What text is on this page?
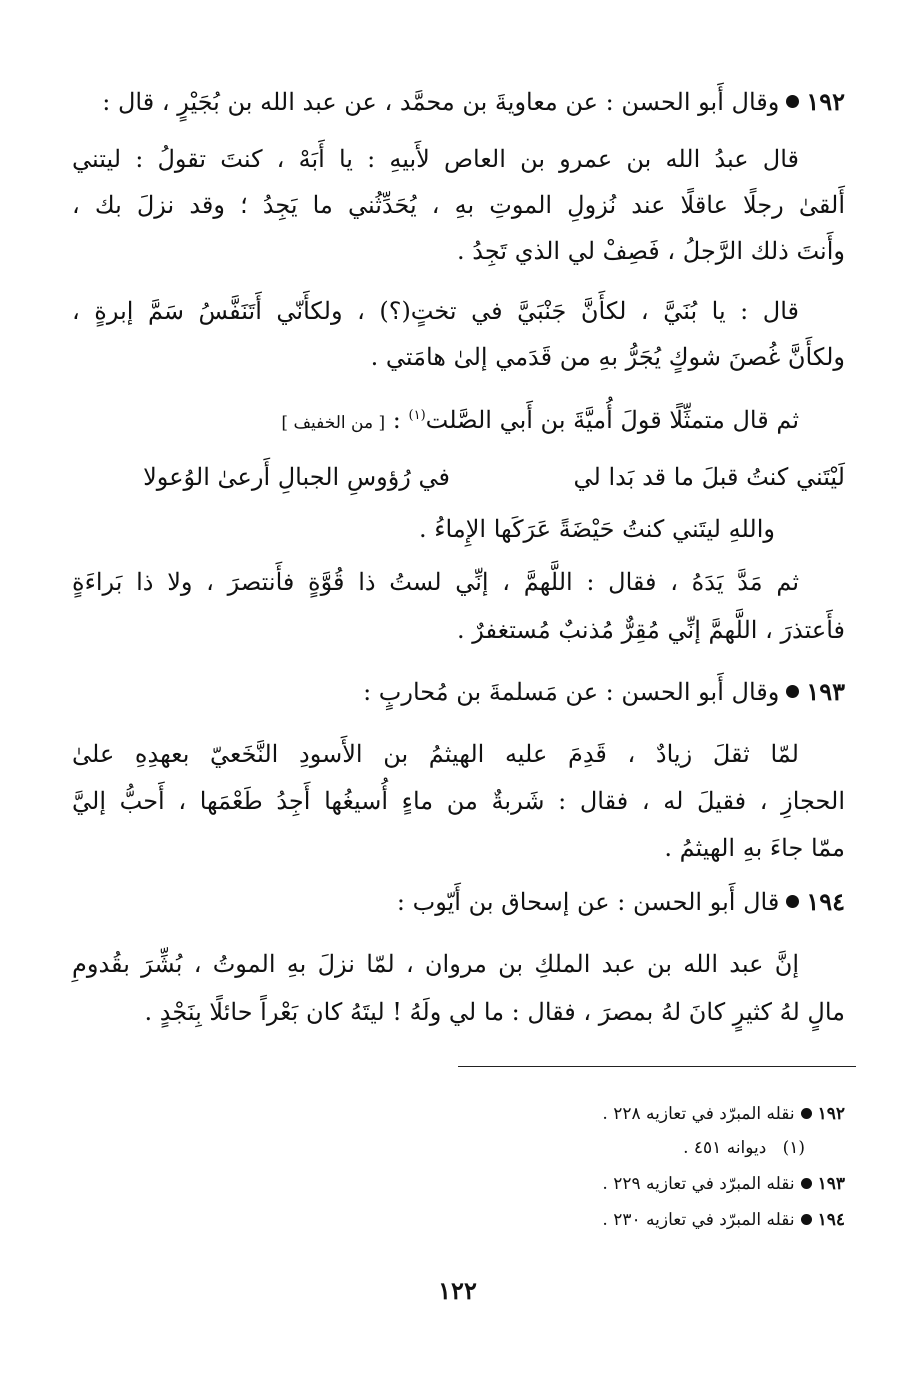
١٩٢وقال أَبو الحسن : عن معاويةَ بن محمَّد ، عن عبد الله بن بُجَيْرٍ ، قال :
قال عبدُ الله بن عمرو بن العاص لأَبيهِ : يا أَبَهْ ، كنتَ تقولُ : ليتني
أَلقىٰ رجلًا عاقلًا عند نُزولِ الموتِ بهِ ، يُحَدِّثُني ما يَجِدُ ؛ وقد نزلَ بك ،
وأَنتَ ذلك الرَّجلُ ، فَصِفْ لي الذي تَجِدُ .
قال : يا بُنَيَّ ، لكأَنَّ جَنْبَيَّ في تختٍ(؟) ، ولكأَنّي أَتَنَفَّسُ سَمَّ إبرةٍ ،
ولكأَنَّ غُصنَ شوكٍ يُجَرُّ بهِ من قَدَمي إلىٰ هامَتي .
ثم قال متمثِّلًا قولَ أُميَّةَ بن أَبي الصَّلت$^{(١)}$ : [ من الخفيف ]
لَيْتَني كنتُ قبلَ ما قد بَدا لي
في رُؤوسِ الجبالِ أَرعىٰ الوُعولا
واللهِ ليتَني كنتُ حَيْضَةً عَرَكَها الإِماءُ .
ثم مَدَّ يَدَهُ ، فقال : اللَّهمَّ ، إنِّي لستُ ذا قُوَّةٍ فأَنتصرَ ، ولا ذا بَراءَةٍ
فأَعتذرَ ، اللَّهمَّ إنِّي مُقِرٌّ مُذنبٌ مُستغفرٌ .
١٩٣وقال أَبو الحسن : عن مَسلمةَ بن مُحاربٍ :
لمّا ثقلَ زيادٌ ، قَدِمَ عليه الهيثمُ بن الأَسودِ النَّخَعيّ بعهدِهِ علىٰ
الحجازِ ، فقيلَ له ، فقال : شَربةٌ من ماءٍ أُسيغُها أَجِدُ طَعْمَها ، أَحبُّ إليَّ
ممّا جاءَ بهِ الهيثمُ .
١٩٤قال أَبو الحسن : عن إسحاق بن أَيّوب :
إنَّ عبد الله بن عبد الملكِ بن مروان ، لمّا نزلَ بهِ الموتُ ، بُشِّرَ بقُدومِ
مالٍ لهُ كثيرٍ كانَ لهُ بمصرَ ، فقال : ما لي ولَهُ ! ليتَهُ كان بَعْراً حائلًا بِنَجْدٍ .
١٩٢نقله المبرّد في تعازيه ٢٢٨ .
(١)   ديوانه ٤٥١ .
١٩٣نقله المبرّد في تعازيه ٢٢٩ .
١٩٤نقله المبرّد في تعازيه ٢٣٠ .
١٢٢
